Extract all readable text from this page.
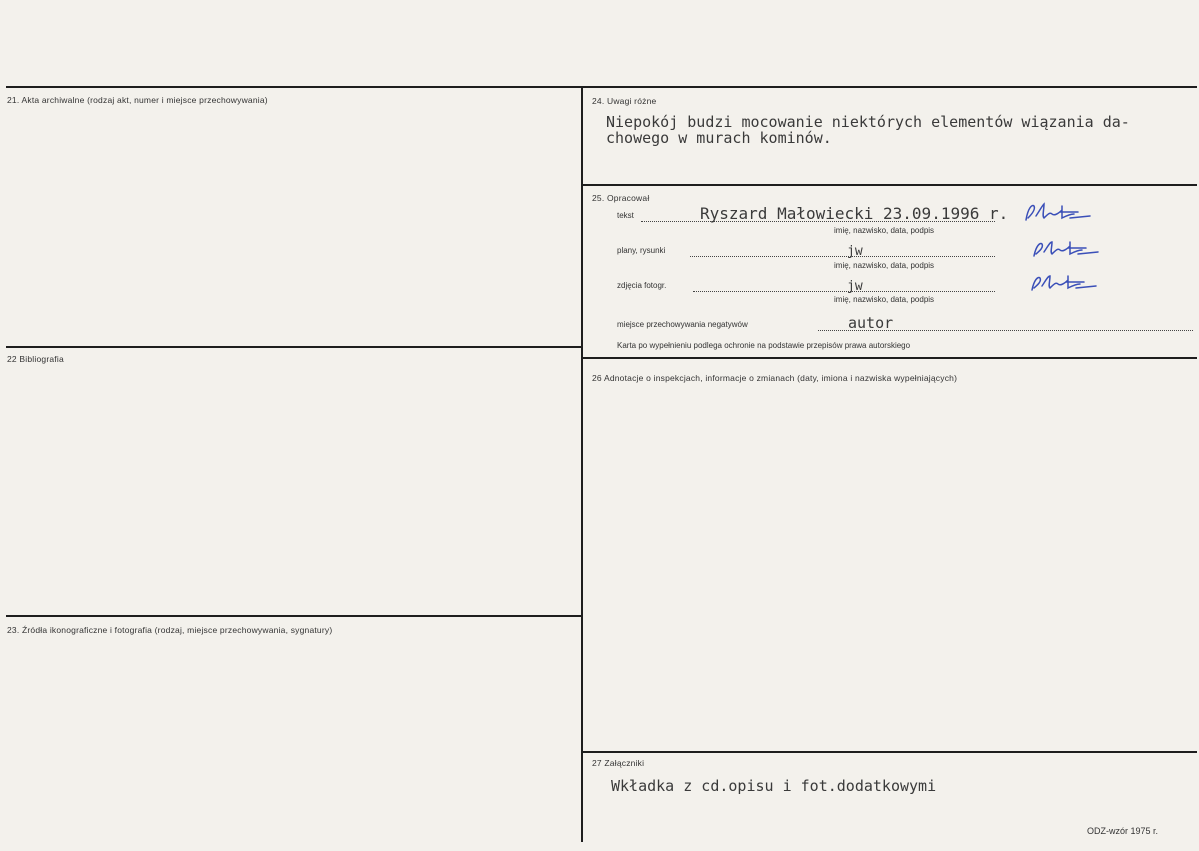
21. Akta archiwalne (rodzaj akt, numer i miejsce przechowywania)
22 Bibliografia
23. Źródła ikonograficzne i fotografia (rodzaj, miejsce przechowywania, sygnatury)
24. Uwagi różne
Niepokój budzi mocowanie niektórych elementów wiązania da-
chowego w murach kominów.
25. Opracował
tekst	Ryszard Małowiecki 23.09.1996 r.
imię, nazwisko, data, podpis
plany, rysunki	jw
imię, nazwisko, data, podpis
zdjęcia fotogr.	jw
imię, nazwisko, data, podpis
miejsce przechowywania negatywów	autor
Karta po wypełnieniu podlega ochronie na podstawie przepisów prawa autorskiego
26 Adnotacje o inspekcjach, informacje o zmianach (daty, imiona i nazwiska wypełniających)
27 Załączniki
Wkładka z cd.opisu i fot.dodatkowymi
ODZ-wzór 1975 r.
